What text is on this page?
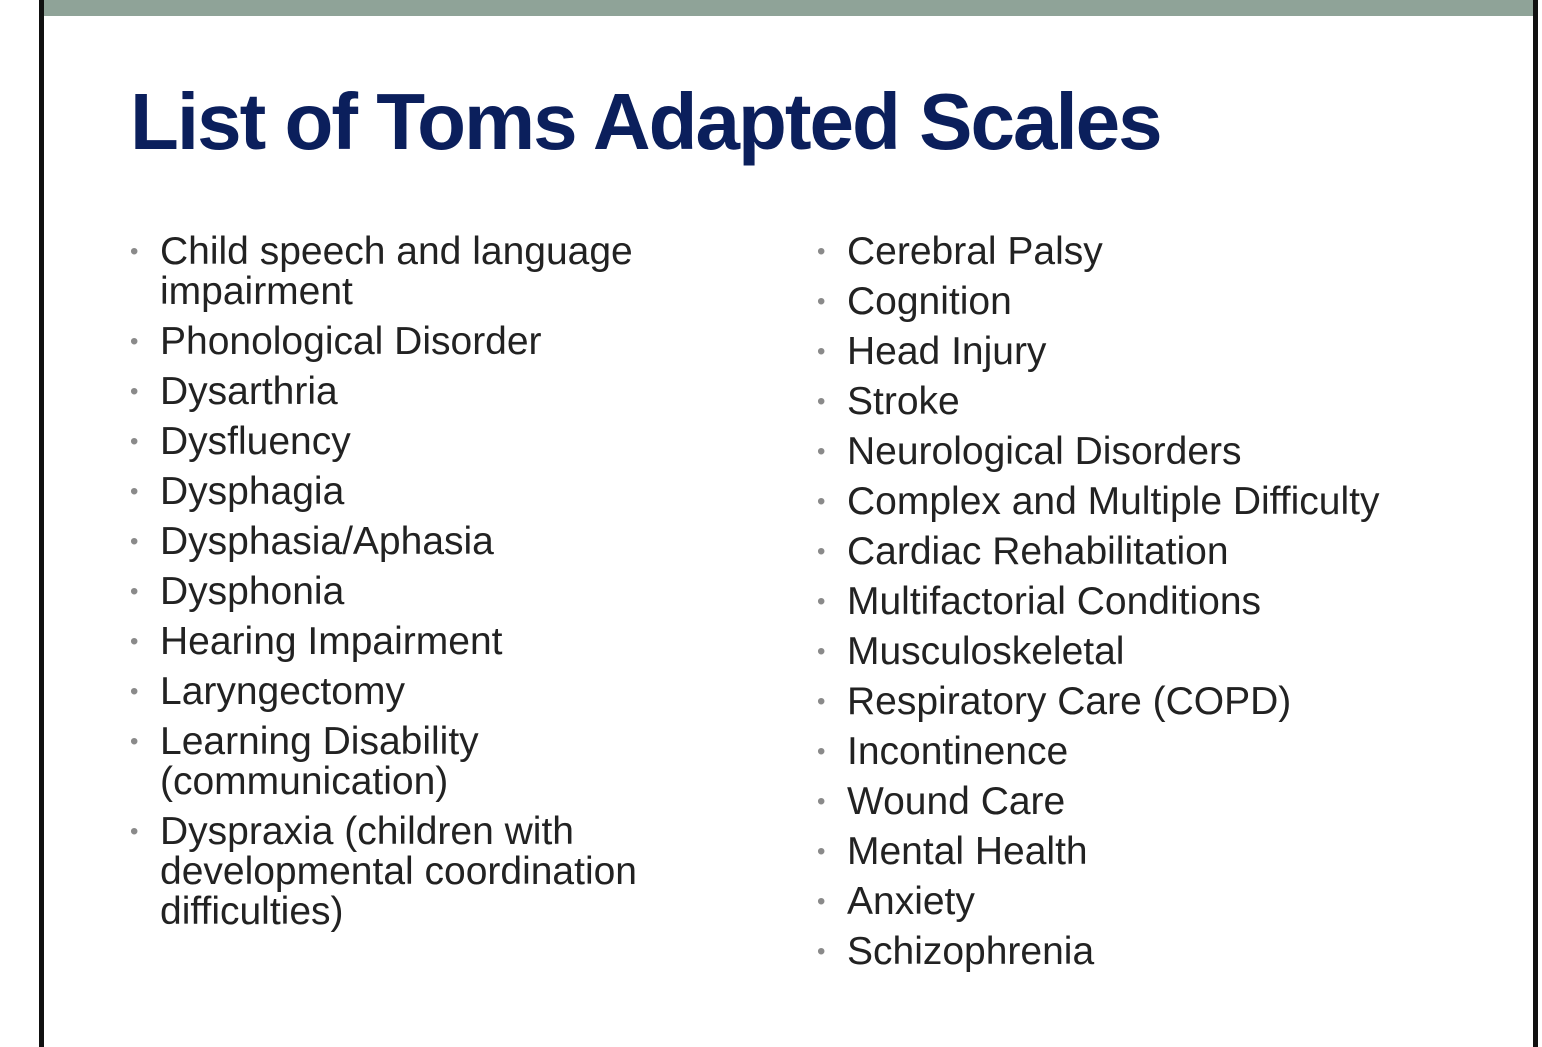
List of Toms Adapted Scales
• Child speech and language impairment
• Phonological Disorder
• Dysarthria
• Dysfluency
• Dysphagia
• Dysphasia/Aphasia
• Dysphonia
• Hearing Impairment
• Laryngectomy
• Learning Disability (communication)
• Dyspraxia (children with developmental coordination difficulties)
• Cerebral Palsy
• Cognition
• Head Injury
• Stroke
• Neurological Disorders
• Complex and Multiple Difficulty
• Cardiac Rehabilitation
• Multifactorial Conditions
• Musculoskeletal
• Respiratory Care (COPD)
• Incontinence
• Wound Care
• Mental Health
• Anxiety
• Schizophrenia
